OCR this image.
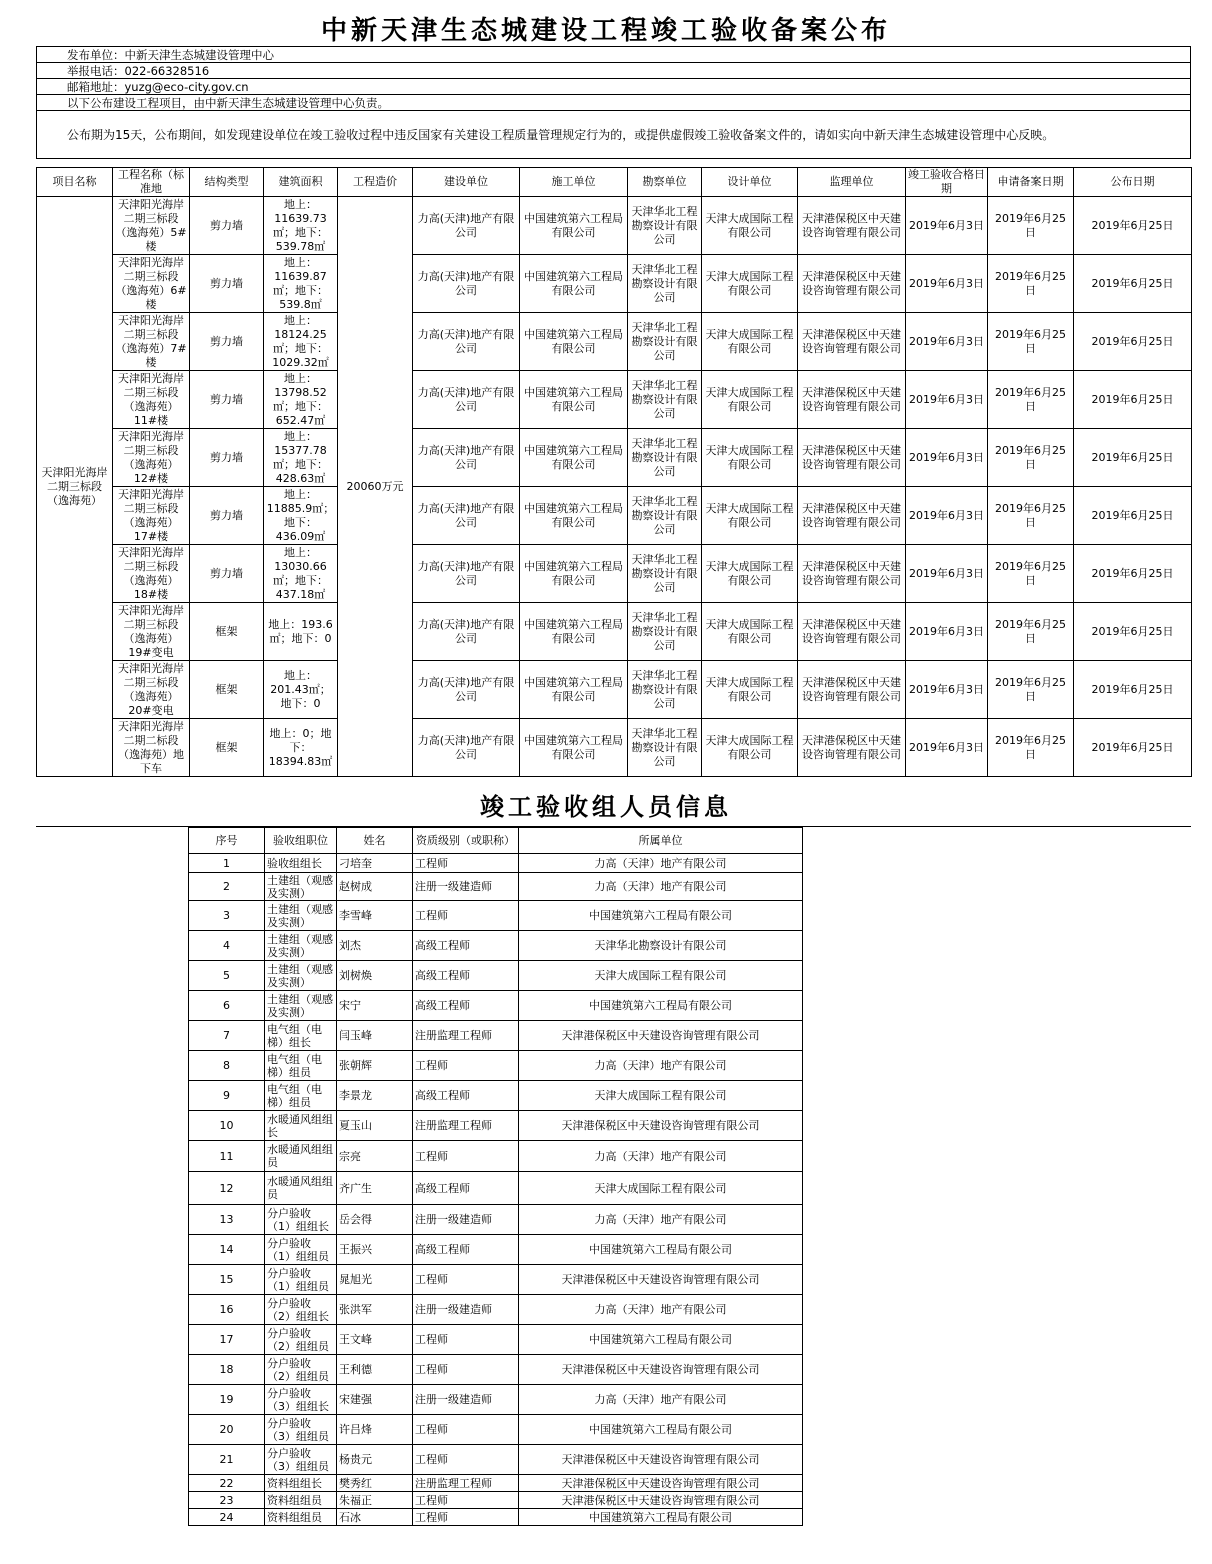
中新天津生态城建设工程竣工验收备案公布
发布单位：中新天津生态城建设管理中心
举报电话：022-66328516
邮箱地址：yuzg@eco-city.gov.cn
以下公布建设工程项目，由中新天津生态城建设管理中心负责。
公布期为15天，公布期间，如发现建设单位在竣工验收过程中违反国家有关建设工程质量管理规定行为的，或提供虚假竣工验收备案文件的，请如实向中新天津生态城建设管理中心反映。
项目名称	工程名称（标准地	结构类型	建筑面积	工程造价	建设单位	施工单位	勘察单位	设计单位	监理单位	竣工验收合格日期	申请备案日期	公布日期
天津阳光海岸二期三标段（逸海苑）	天津阳光海岸二期三标段（逸海苑）5#楼	剪力墙	地上：11639.73㎡；地下：539.78㎡	20060万元	力高(天津)地产有限公司	中国建筑第六工程局有限公司	天津华北工程勘察设计有限公司	天津大成国际工程有限公司	天津港保税区中天建设咨询管理有限公司	2019年6月3日	2019年6月25日	2019年6月25日
	天津阳光海岸二期三标段（逸海苑）6#楼	剪力墙	地上：11639.87㎡；地下：539.8㎡		力高(天津)地产有限公司	中国建筑第六工程局有限公司	天津华北工程勘察设计有限公司	天津大成国际工程有限公司	天津港保税区中天建设咨询管理有限公司	2019年6月3日	2019年6月25日	2019年6月25日
	天津阳光海岸二期三标段（逸海苑）7#楼	剪力墙	地上：18124.25㎡；地下：1029.32㎡		力高(天津)地产有限公司	中国建筑第六工程局有限公司	天津华北工程勘察设计有限公司	天津大成国际工程有限公司	天津港保税区中天建设咨询管理有限公司	2019年6月3日	2019年6月25日	2019年6月25日
	天津阳光海岸二期三标段（逸海苑）11#楼	剪力墙	地上：13798.52㎡；地下：652.47㎡		力高(天津)地产有限公司	中国建筑第六工程局有限公司	天津华北工程勘察设计有限公司	天津大成国际工程有限公司	天津港保税区中天建设咨询管理有限公司	2019年6月3日	2019年6月25日	2019年6月25日
	天津阳光海岸二期三标段（逸海苑）12#楼	剪力墙	地上：15377.78㎡；地下：428.63㎡		力高(天津)地产有限公司	中国建筑第六工程局有限公司	天津华北工程勘察设计有限公司	天津大成国际工程有限公司	天津港保税区中天建设咨询管理有限公司	2019年6月3日	2019年6月25日	2019年6月25日
	天津阳光海岸二期三标段（逸海苑）17#楼	剪力墙	地上：11885.9㎡；地下：436.09㎡		力高(天津)地产有限公司	中国建筑第六工程局有限公司	天津华北工程勘察设计有限公司	天津大成国际工程有限公司	天津港保税区中天建设咨询管理有限公司	2019年6月3日	2019年6月25日	2019年6月25日
	天津阳光海岸二期三标段（逸海苑）18#楼	剪力墙	地上：13030.66㎡；地下：437.18㎡		力高(天津)地产有限公司	中国建筑第六工程局有限公司	天津华北工程勘察设计有限公司	天津大成国际工程有限公司	天津港保税区中天建设咨询管理有限公司	2019年6月3日	2019年6月25日	2019年6月25日
	天津阳光海岸二期三标段（逸海苑）19#变电	框架	地上：193.6㎡；地下：0		力高(天津)地产有限公司	中国建筑第六工程局有限公司	天津华北工程勘察设计有限公司	天津大成国际工程有限公司	天津港保税区中天建设咨询管理有限公司	2019年6月3日	2019年6月25日	2019年6月25日
	天津阳光海岸二期三标段（逸海苑）20#变电	框架	地上：201.43㎡；地下：0		力高(天津)地产有限公司	中国建筑第六工程局有限公司	天津华北工程勘察设计有限公司	天津大成国际工程有限公司	天津港保税区中天建设咨询管理有限公司	2019年6月3日	2019年6月25日	2019年6月25日
	天津阳光海岸二期二标段（逸海苑）地下车	框架	地上：0；地下：18394.83㎡		力高(天津)地产有限公司	中国建筑第六工程局有限公司	天津华北工程勘察设计有限公司	天津大成国际工程有限公司	天津港保税区中天建设咨询管理有限公司	2019年6月3日	2019年6月25日	2019年6月25日
竣工验收组人员信息
序号	验收组职位	姓名	资质级别（或职称）	所属单位
1	验收组组长	刁培奎	工程师	力高（天津）地产有限公司
2	土建组（观感及实测）	赵树成	注册一级建造师	力高（天津）地产有限公司
3	土建组（观感及实测）	李雪峰	工程师	中国建筑第六工程局有限公司
4	土建组（观感及实测）	刘杰	高级工程师	天津华北勘察设计有限公司
5	土建组（观感及实测）	刘树焕	高级工程师	天津大成国际工程有限公司
6	土建组（观感及实测）	宋宁	高级工程师	中国建筑第六工程局有限公司
7	电气组（电梯）组长	闫玉峰	注册监理工程师	天津港保税区中天建设咨询管理有限公司
8	电气组（电梯）组员	张朝辉	工程师	力高（天津）地产有限公司
9	电气组（电梯）组员	李景龙	高级工程师	天津大成国际工程有限公司
10	水暖通风组组长	夏玉山	注册监理工程师	天津港保税区中天建设咨询管理有限公司
11	水暖通风组组员	宗亮	工程师	力高（天津）地产有限公司
12	水暖通风组组员	齐广生	高级工程师	天津大成国际工程有限公司
13	分户验收（1）组组长	岳会得	注册一级建造师	力高（天津）地产有限公司
14	分户验收（1）组组员	王振兴	高级工程师	中国建筑第六工程局有限公司
15	分户验收（1）组组员	晁旭光	工程师	天津港保税区中天建设咨询管理有限公司
16	分户验收（2）组组长	张洪军	注册一级建造师	力高（天津）地产有限公司
17	分户验收（2）组组员	王文峰	工程师	中国建筑第六工程局有限公司
18	分户验收（2）组组员	王利德	工程师	天津港保税区中天建设咨询管理有限公司
19	分户验收（3）组组长	宋建强	注册一级建造师	力高（天津）地产有限公司
20	分户验收（3）组组员	许吕烽	工程师	中国建筑第六工程局有限公司
21	分户验收（3）组组员	杨贵元	工程师	天津港保税区中天建设咨询管理有限公司
22	资料组组长	樊秀红	注册监理工程师	天津港保税区中天建设咨询管理有限公司
23	资料组组员	朱福正	工程师	天津港保税区中天建设咨询管理有限公司
24	资料组组员	石冰	工程师	中国建筑第六工程局有限公司
